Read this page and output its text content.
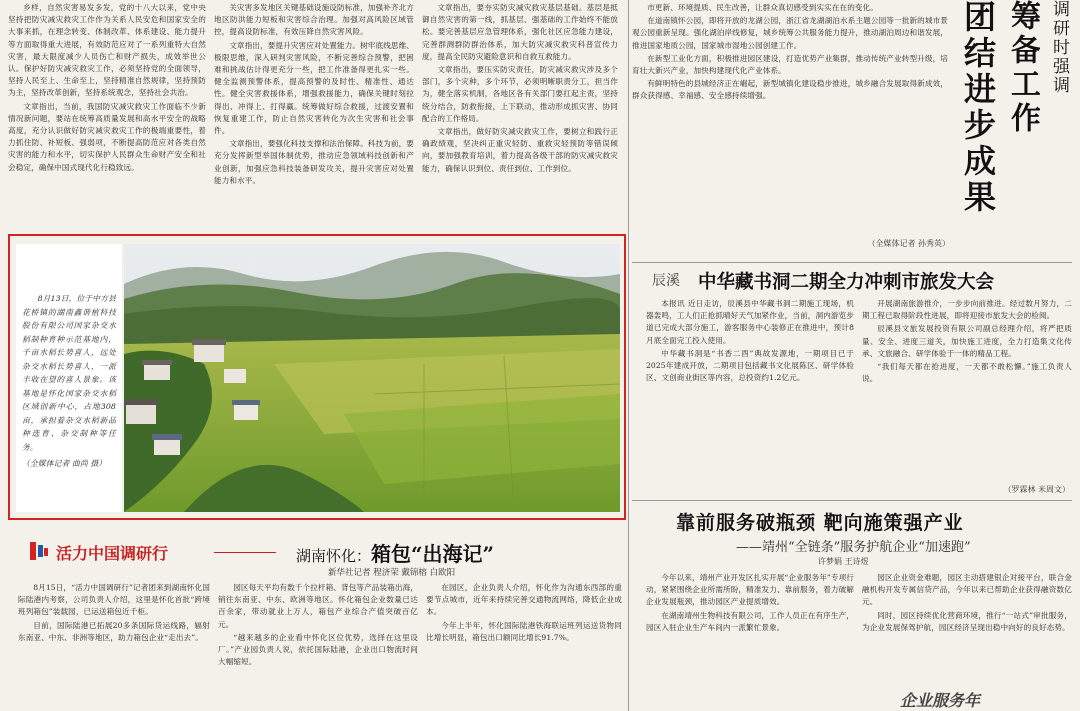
乡样，自然灾害易发多发，党的十八大以来，党中央坚持把防灾减灾救灾工作作为关系人民安危和国家安全的大事来抓，在理念转变、体制改革、体系建设、能力提升等方面取得重大进展，有效防范应对了一系列重特大自然灾害，最大限度减少人员伤亡和财产损失，成效举世公认。保护好防灾减灾救灾工作，必须坚持党的全面领导，坚持人民至上、生命至上，坚持精准自然规律，坚持预防为主，坚持改革创新，坚持系统观念，坚持社会共治。

文章指出，当前，我国防灾减灾救灾工作面临不少新情况新问题，要站在统筹高质量发展和高水平安全的战略高度，充分认识做好防灾减灾救灾工作的极端重要性，着力抓住防、补短板、强弱项，不断提高防范应对各类自然灾害的能力和水平，切实保护人民群众生命财产安全和社会稳定，确保中国式现代化行稳致远。

关灾害多发地区关键基础设施设防标准，加强补齐北方地区防洪能力短板和灾害综合治理。加强对高风险区域管控，提高设防标准，有效压降自然灾害风险。

文章指出，要提升灾害应对处置能力。树牢底线思维、极限思维，深入研判灾害风险，不断完善综合预警，把困难和挑战估计得更充分一些，把工作准备得更扎实一些。健全监测预警体系，提高预警的及时性、精准性、通达性。健全灾害救援体系，增强救援能力，确保关键时刻拉得出、冲得上、打得赢。统筹做好综合救援，过渡安置和恢复重建工作，防止自然灾害转化为次生灾害和社会事件。

文章指出，要强化科技支撑和法治保障。科技为前，要充分发挥新型举国体制优势，推动应急领域科技创新和产业创新，加强应急科技装备研发攻关，提升灾害应对处置能力和水平。

文章指出，要夯实防灾减灾救灾基层基础。基层是抵御自然灾害的第一线，抓基层、强基础的工作始终不能放松。要完善基层应急管理体系，强化社区应急能力建设，完善群测群防群治体系，加大防灾减灾救灾科普宣传力度，提高全民防灾避险意识和自救互救能力。

文章指出，要压实防灾责任，防灾减灾救灾涉及多个部门，多个灾种，多个环节，必须明晰职责分工，担当作为，健全落实机制，各地区各有关部门要扛起主责，坚持统分结合，防救衔接，上下联动，推动形成抓灾害、协同配合的工作格局。

文章指出，做好防灾减灾救灾工作，要树立和践行正确政绩观，坚决纠正重灾轻防、重救灾轻预防等错误倾向，要加强教育培训，着力提高各级干部的防灾减灾救灾能力，确保认识到位、责任到位、工作到位。

市更新、环境提质、民生改善，让群众真切感受到实实在在的变化。

在道南镇怀公园，即将开放的龙湖公园，浙江省龙湖湖泊水系主题公园等一批新的城市景观公园重新呈现。强化湖泊岸线修复，城乡统筹公共服务能力提升，推动湖泊周边和谐发展，推进国家地质公园，国家城市湿地公园创建工作。

在新型工业化方面，积极推进园区建设，打造优势产业集群，推动传统产业转型升级，培育壮大新兴产业，加快构建现代化产业体系。

有鲜明特色的县城经济正在崛起，新型城镇化建设稳步推进，城乡融合发展取得新成效，群众获得感、幸福感、安全感持续增强。	团结进步成果 筹备工作 调研时强调
（全媒体记者 孙秀英）
8月13日，位于中方县花桥镇的湖南鑫谐植科技股份有限公司国家杂交水稻制种育种示范基地内，千亩水稻长势喜人，远处杂交水稻长势喜人，一派丰收在望的喜人景象。该基地是怀化国家杂交水稻区域创新中心，占地308亩，承担着杂交水稻新品种选育、杂交制种等任务。
（全媒体记者 曲尚 摄）
辰溪 中华藏书洞二期全力冲刺市旅发大会

本报讯 近日走访，辰溪县中华藏书洞二期施工现场，机器轰鸣，工人们正抢抓晴好天气加紧作业，当前，洞内游览步道已完成大部分施工，游客服务中心装修正在推进中，预计8月底全面完工投入使用。

中华藏书洞是“书香二酉”典故发源地，一期项目已于2025年建成开放，二期项目包括藏书文化展陈区、研学体验区、文创商业街区等内容，总投资约1.2亿元。

开展湖南旅游推介，一步步向前推进。经过数月努力，二期工程已取得阶段性进展，即将迎接市旅发大会的检阅。

辰溪县文旅发展投资有限公司副总经理介绍，将严把质量、安全、进度三道关，加快施工进度，全力打造集文化传承、文旅融合、研学体验于一体的精品工程。

“我们每天都在抢进度，一天都不敢松懈。”施工负责人说。

（罗霖林 米周文）
靠前服务破瓶颈 靶向施策强产业
——靖州“全链条”服务护航企业“加速跑”
许梦娟 王诗煜

今年以来，靖州产业开发区扎实开展“企业服务年”专项行动，紧紧围绕企业所需所盼，精准发力、靠前服务，着力破解企业发展瓶颈，推动园区产业提质增效。

在湖南靖州生物科技有限公司，工作人员正在有序生产，园区入驻企业生产车间内一派繁忙景象。

园区企业资金难题，园区主动搭建银企对接平台，联合金融机构开发专属信贷产品，今年以来已帮助企业获得融资数亿元。

同时，园区持续优化营商环境，推行“一站式”审批服务，为企业发展保驾护航，园区经济呈现出稳中向好的良好态势。

企业服务年
活力中国调研行	湖南怀化：箱包“出海记”
新华社记者 程济荣 戴锦榕 白欧阳

8月15日，“活力中国调研行”记者团来到湖南怀化国际陆港内考察，公司负责人介绍，这里是怀化首批“跨境班列箱包”装载园，已运送箱包近千柜。

目前，国际陆港已拓展20多条国际货运线路，辐射东南亚、中东、非洲等地区，助力箱包企业“走出去”。

园区每天平均有数千个拉杆箱、背包等产品装箱出海，销往东南亚、中东、欧洲等地区。怀化箱包企业数量已达百余家，带动就业上万人，箱包产业综合产值突破百亿元。

“越来越多的企业看中怀化区位优势，选择在这里设厂。”产业园负责人说，依托国际陆港，企业出口物流时间大幅缩短。

在园区，企业负责人介绍，怀化作为沟通东西部的重要节点城市，近年来持续完善交通物流网络，降低企业成本。

今年上半年，怀化国际陆港铁海联运班列运送货物同比增长明显，箱包出口额同比增长91.7%。
